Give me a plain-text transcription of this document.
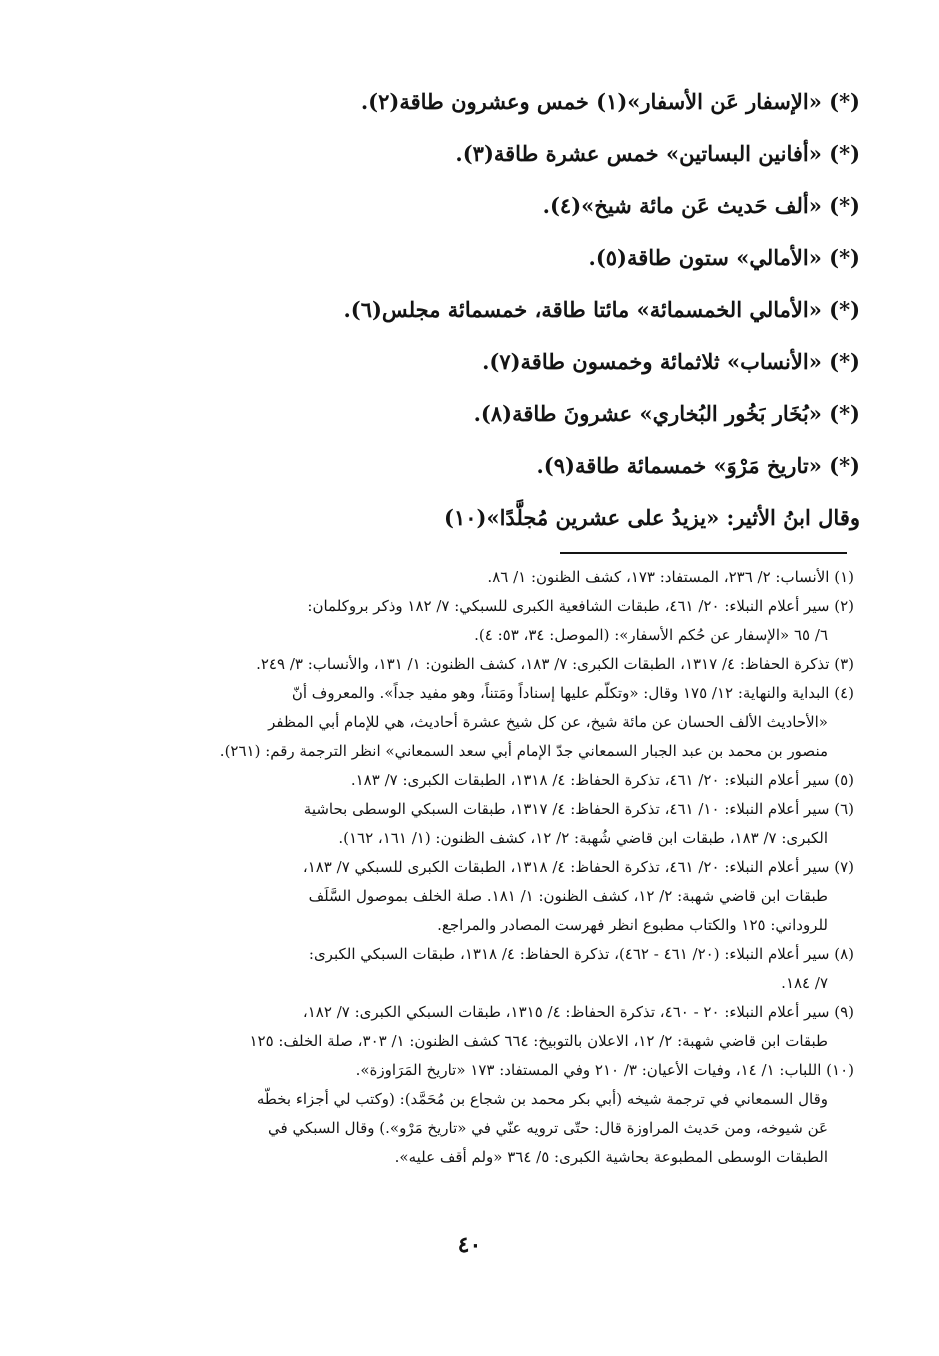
(*) «الإسفار عَن الأسفار»(١) خمس وعشرون طاقة(٢).
(*) «أفانين البساتين» خمس عشرة طاقة(٣).
(*) «ألف حَديث عَن مائة شيخ»(٤).
(*) «الأمالي» ستون طاقة(٥).
(*) «الأمالي الخمسمائة» مائتا طاقة، خمسمائة مجلس(٦).
(*) «الأنساب» ثلاثمائة وخمسون طاقة(٧).
(*) «بُخَار بَخُور البُخاري» عشرونَ طاقة(٨).
(*) «تاريخ مَرْوَ» خمسمائة طاقة(٩).
وقال ابنُ الأثير: «يزيدُ على عشرين مُجلَّدًا»(١٠)
(١) الأنساب: ٢/ ٢٣٦، المستفاد: ١٧٣، كشف الظنون: ١/ ٨٦.
(٢) سير أعلام النبلاء: ٢٠/ ٤٦١، طبقات الشافعية الكبرى للسبكي: ٧/ ١٨٢ وذكر بروكلمان:
٦/ ٦٥ «الإسفار عن حُكم الأسفار»: (الموصل: ٣٤، ٥٣: ٤).
(٣) تذكرة الحفاظ: ٤/ ١٣١٧، الطبقات الكبرى: ٧/ ١٨٣، كشف الظنون: ١/ ١٣١، والأنساب: ٣/ ٢٤٩.
(٤) البداية والنهاية: ١٢/ ١٧٥ وقال: «وتكلّم عليها إسناداً ومَتناً، وهو مفيد جداً». والمعروف أنّ
«الأحاديث الألف الحسان عن مائة شيخ، عن كل شيخ عشرة أحاديث، هي للإمام أبي المظفر
منصور بن محمد بن عبد الجبار السمعاني جدّ الإمام أبي سعد السمعاني» انظر الترجمة رقم: (٢٦١).
(٥) سير أعلام النبلاء: ٢٠/ ٤٦١، تذكرة الحفاظ: ٤/ ١٣١٨، الطبقات الكبرى: ٧/ ١٨٣.
(٦) سير أعلام النبلاء: ١٠/ ٤٦١، تذكرة الحفاظ: ٤/ ١٣١٧، طبقات السبكي الوسطى بحاشية
الكبرى: ٧/ ١٨٣، طبقات ابن قاضي شُهبة: ٢/ ١٢، كشف الظنون: (١/ ١٦١، ١٦٢).
(٧) سير أعلام النبلاء: ٢٠/ ٤٦١، تذكرة الحفاظ: ٤/ ١٣١٨، الطبقات الكبرى للسبكي ٧/ ١٨٣،
طبقات ابن قاضي شهبة: ٢/ ١٢، كشف الظنون: ١/ ١٨١. صلة الخلف بموصول السَّلَف
للروداني: ١٢٥ والكتاب مطبوع انظر فهرست المصادر والمراجع.
(٨) سير أعلام النبلاء: (٢٠/ ٤٦١ - ٤٦٢)، تذكرة الحفاظ: ٤/ ١٣١٨، طبقات السبكي الكبرى:
٧/ ١٨٤.
(٩) سير أعلام النبلاء: ٢٠ - ٤٦٠، تذكرة الحفاظ: ٤/ ١٣١٥، طبقات السبكي الكبرى: ٧/ ١٨٢،
طبقات ابن قاضي شهبة: ٢/ ١٢، الاعلان بالتوبيخ: ٦٦٤ كشف الظنون: ١/ ٣٠٣، صلة الخلف: ١٢٥
(١٠) اللباب: ١/ ١٤، وفيات الأعيان: ٣/ ٢١٠ وفي المستفاد: ١٧٣ «تاريخ المَرَاوزة».
وقال السمعاني في ترجمة شيخه (أبي بكر محمد بن شجاع بن مُحَمَّد): (وكتب لي أجزاء بخطّه
عَن شيوخه، ومن حَديث المراوزة قال: حتّى ترويه عنّي في «تاريخ مَرْو».) وقال السبكي في
الطبقات الوسطى المطبوعة بحاشية الكبرى: ٥/ ٣٦٤ «ولم أقف عليه».
٤٠
